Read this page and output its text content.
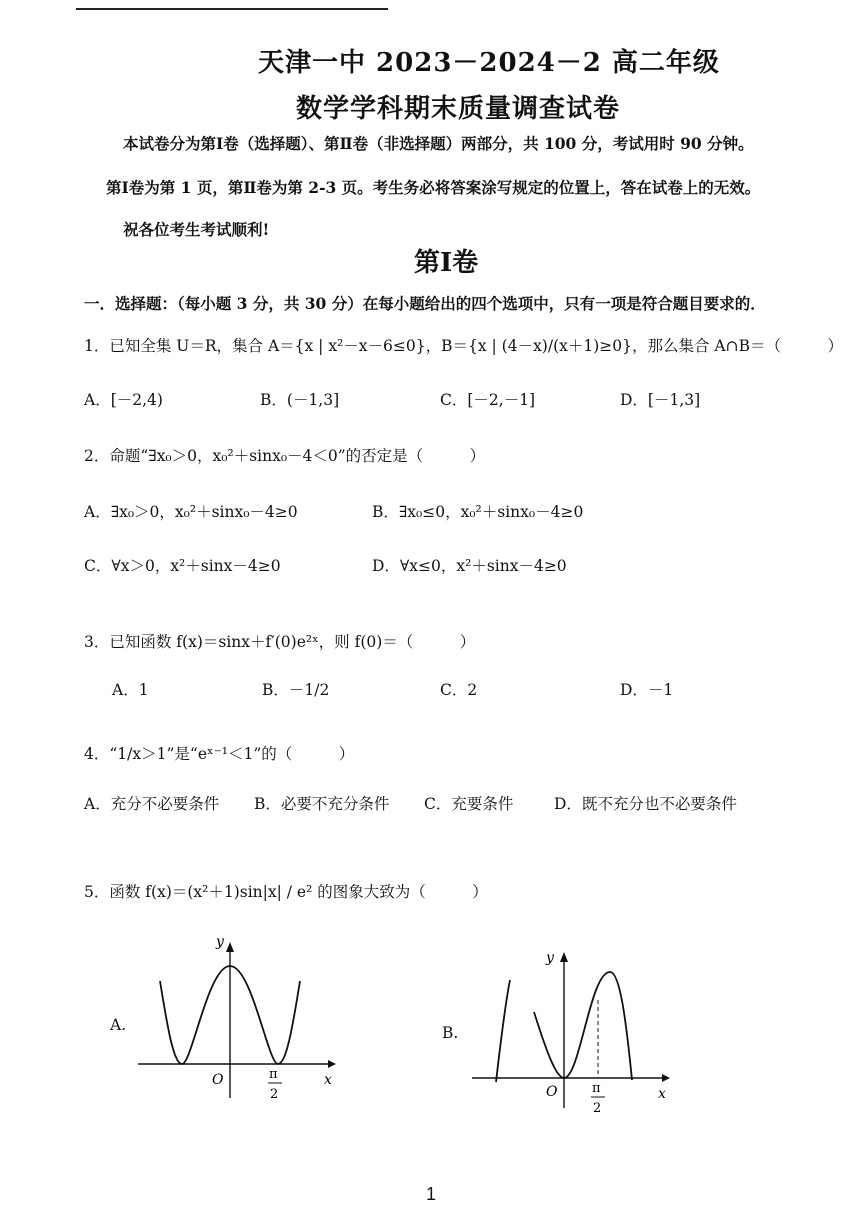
天津一中 2023－2024－2 高二年级
数学学科期末质量调查试卷
本试卷分为第Ⅰ卷（选择题）、第Ⅱ卷（非选择题）两部分，共 100 分，考试用时 90 分钟。
第Ⅰ卷为第 1 页，第Ⅱ卷为第 2-3 页。考生务必将答案涂写规定的位置上，答在试卷上的无效。
祝各位考生考试顺利!
第Ⅰ卷
一．选择题：（每小题 3 分，共 30 分）在每小题给出的四个选项中，只有一项是符合题目要求的．
1．已知全集 U＝R，集合 A＝{x | x²－x－6≤0}，B＝{x | (4－x)/(x＋1)≥0}，那么集合 A∩B＝（　　　）
A．[－2,4)	B．(－1,3]	C．[－2,－1]	D．[－1,3]
2．命题“∃x₀＞0，x₀²＋sinx₀－4＜0”的否定是（　　　）
A．∃x₀＞0，x₀²＋sinx₀－4≥0	B．∃x₀≤0，x₀²＋sinx₀－4≥0
C．∀x＞0，x²＋sinx－4≥0	D．∀x≤0，x²＋sinx－4≥0
3．已知函数 f(x)＝sinx＋f′(0)e²ˣ，则 f(0)＝（　　　）
A．1	B．－1/2	C．2	D．－1
4．“1/x＞1”是“eˣ⁻¹＜1”的（　　　）
A．充分不必要条件 B．必要不充分条件 C．充要条件	D．既不充分也不必要条件
5．函数 f(x)＝(x²＋1)sin|x| / e² 的图象大致为（　　　）
A.	B.
y
x
O	π
2
y
x
O	π
2
1
